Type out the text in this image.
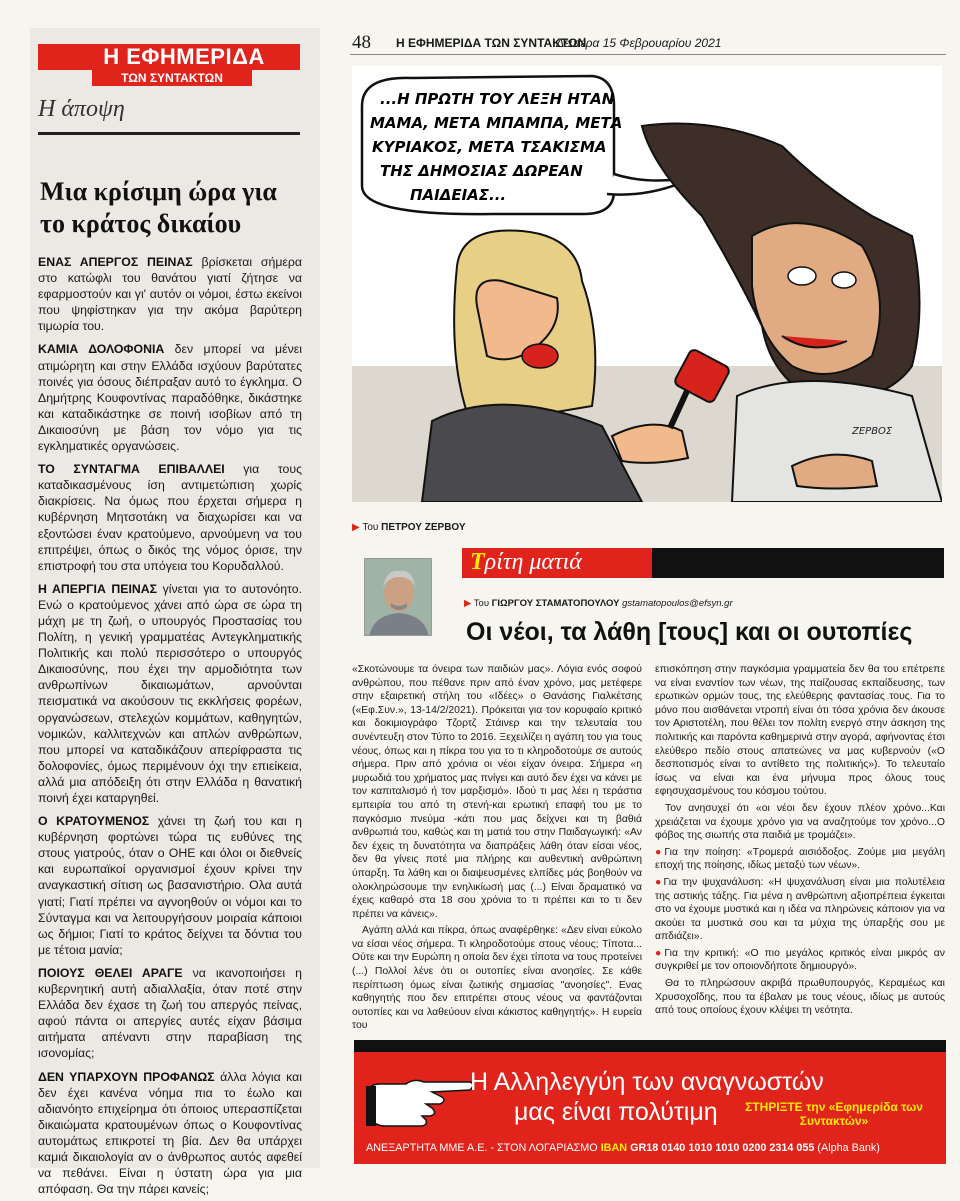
Η ΕΦΗΜΕΡΙΔΑ
ΤΩΝ ΣΥΝΤΑΚΤΩΝ
Η άποψη
Μια κρίσιμη ώρα για το κράτος δικαίου

ΕΝΑΣ ΑΠΕΡΓΟΣ ΠΕΙΝΑΣ βρίσκεται σήμερα στο κατώφλι του θανάτου γιατί ζήτησε να εφαρμοστούν και γι' αυτόν οι νόμοι, έστω εκείνοι που ψηφίστηκαν για την ακόμα βαρύτερη τιμωρία του.

ΚΑΜΙΑ ΔΟΛΟΦΟΝΙΑ δεν μπορεί να μένει ατιμώρητη και στην Ελλάδα ισχύουν βαρύτατες ποινές για όσους διέπραξαν αυτό το έγκλημα. Ο Δημήτρης Κουφοντίνας παραδόθηκε, δικάστηκε και καταδικάστηκε σε ποινή ισοβίων από τη Δικαιοσύνη με βάση τον νόμο για τις εγκληματικές οργανώσεις.

ΤΟ ΣΥΝΤΑΓΜΑ ΕΠΙΒΑΛΛΕΙ για τους καταδικασμένους ίση αντιμετώπιση χωρίς διακρίσεις. Να όμως που έρχεται σήμερα η κυβέρνηση Μητσοτάκη να διαχωρίσει και να εξοντώσει έναν κρατούμενο, αρνούμενη να του επιτρέψει, όπως ο δικός της νόμος όρισε, την επιστροφή του στα υπόγεια του Κορυδαλλού.

Η ΑΠΕΡΓΙΑ ΠΕΙΝΑΣ γίνεται για το αυτονόητο. Ενώ ο κρατούμενος χάνει από ώρα σε ώρα τη μάχη με τη ζωή, ο υπουργός Προστασίας του Πολίτη, η γενική γραμματέας Αντεγκληματικής Πολιτικής και πολύ περισσότερο ο υπουργός Δικαιοσύνης, που έχει την αρμοδιότητα των ανθρωπίνων δικαιωμάτων, αρνούνται πεισματικά να ακούσουν τις εκκλήσεις φορέων, οργανώσεων, στελεχών κομμάτων, καθηγητών, νομικών, καλλιτεχνών και απλών ανθρώπων, που μπορεί να καταδικάζουν απερίφραστα τις δολοφονίες, όμως περιμένουν όχι την επιείκεια, αλλά μια απόδειξη ότι στην Ελλάδα η θανατική ποινή έχει καταργηθεί.

Ο ΚΡΑΤΟΥΜΕΝΟΣ χάνει τη ζωή του και η κυβέρνηση φορτώνει τώρα τις ευθύνες της στους γιατρούς, όταν ο ΟΗΕ και όλοι οι διεθνείς και ευρωπαϊκοί οργανισμοί έχουν κρίνει την αναγκαστική σίτιση ως βασανιστήριο. Ολα αυτά γιατί; Γιατί πρέπει να αγνοηθούν οι νόμοι και το Σύνταγμα και να λειτουργήσουν μοιραία κάποιοι ως δήμιοι; Γιατί το κράτος δείχνει τα δόντια του με τέτοια μανία;

ΠΟΙΟΥΣ ΘΕΛΕΙ ΑΡΑΓΕ να ικανοποιήσει η κυβερνητική αυτή αδιαλλαξία, όταν ποτέ στην Ελλάδα δεν έχασε τη ζωή του απεργός πείνας, αφού πάντα οι απεργίες αυτές είχαν βάσιμα αιτήματα απέναντι στην παραβίαση της ισονομίας;

ΔΕΝ ΥΠΑΡΧΟΥΝ ΠΡΟΦΑΝΩΣ άλλα λόγια και δεν έχει κανένα νόημα πια το έωλο και αδιανόητο επιχείρημα ότι όποιος υπερασπίζεται δικαιώματα κρατουμένων όπως ο Κουφοντίνας αυτομάτως επικροτεί τη βία. Δεν θα υπάρχει καμιά δικαιολογία αν ο άνθρωπος αυτός αφεθεί να πεθάνει. Είναι η ύστατη ώρα για μια απόφαση. Θα την πάρει κανείς;

48 Η ΕΦΗΜΕΡΙΔΑ ΤΩΝ ΣΥΝΤΑΚΤΩΝ
Δευτέρα 15 Φεβρουαρίου 2021
...Η ΠΡΩΤΗ ΤΟΥ ΛΕΞΗ ΗΤΑΝ
ΜΑΜΑ, ΜΕΤΑ ΜΠΑΜΠΑ, ΜΕΤΑ
ΚΥΡΙΑΚΟΣ, ΜΕΤΑ ΤΣΑΚΙΣΜΑ
ΤΗΣ ΔΗΜΟΣΙΑΣ ΔΩΡΕΑΝ
ΠΑΙΔΕΙΑΣ...
ΖΕΡΒΟΣ
▶ Του ΠΕΤΡΟΥ ΖΕΡΒΟΥ
Τρίτη ματιά
▶ Του ΓΙΩΡΓΟΥ ΣΤΑΜΑΤΟΠΟΥΛΟΥ gstamatopoulos@efsyn.gr
Οι νέοι, τα λάθη [τους] και οι ουτοπίες

«Σκοτώνουμε τα όνειρα των παιδιών μας». Λόγια ενός σοφού ανθρώπου, που πέθανε πριν από έναν χρόνο, μας μετέφερε στην εξαιρετική στήλη του «Ιδέες» ο Θανάσης Γιαλκέτσης («Εφ.Συν.», 13-14/2/2021). Πρόκειται για τον κορυφαίο κριτικό και δοκιμιογράφο Τζορτζ Στάινερ και την τελευταία του συνέντευξη στον Τύπο το 2016. Ξεχειλίζει η αγάπη του για τους νέους, όπως και η πίκρα του για το τι κληροδοτούμε σε αυτούς σήμερα. Πριν από χρόνια οι νέοι είχαν όνειρα. Σήμερα «η μυρωδιά του χρήματος μας πνίγει και αυτό δεν έχει να κάνει με τον καπιταλισμό ή τον μαρξισμό». Ιδού τι μας λέει η τεράστια εμπειρία του από τη στενή-και ερωτική επαφή του με το παγκόσμιο πνεύμα -κάτι που μας δείχνει και τη βαθιά ανθρωπιά του, καθώς και τη ματιά του στην Παιδαγωγική: «Αν δεν έχεις τη δυνατότητα να διαπράξεις λάθη όταν είσαι νέος, δεν θα γίνεις ποτέ μια πλήρης και αυθεντική ανθρώπινη ύπαρξη. Τα λάθη και οι διαψευσμένες ελπίδες μάς βοηθούν να ολοκληρώσουμε την ενηλικίωσή μας (...) Είναι δραματικό να έχεις καθαρό στα 18 σου χρόνια το τι πρέπει και το τι δεν πρέπει να κάνεις».

Αγάπη αλλά και πίκρα, όπως αναφέρθηκε: «Δεν είναι εύκολο να είσαι νέος σήμερα. Τι κληροδοτούμε στους νέους; Τίποτα... Ούτε και την Ευρώπη η οποία δεν έχει τίποτα να τους προτείνει (...) Πολλοί λένε ότι οι ουτοπίες είναι ανοησίες. Σε κάθε περίπτωση όμως είναι ζωτικής σημασίας "ανοησίες". Ενας καθηγητής που δεν επιτρέπει στους νέους να φαντάζονται ουτοπίες και να λαθεύουν είναι κάκιστος καθηγητής». Η ευρεία του

επισκόπηση στην παγκόσμια γραμματεία δεν θα του επέτρεπε να είναι εναντίον των νέων, της παίζουσας εκπαίδευσης, των ερωτικών ορμών τους, της ελεύθερης φαντασίας τους. Για το μόνο που αισθάνεται ντροπή είναι ότι τόσα χρόνια δεν άκουσε τον Αριστοτέλη, που θέλει τον πολίτη ενεργό στην άσκηση της πολιτικής και παρόντα καθημερινά στην αγορά, αφήνοντας έτσι ελεύθερο πεδίο στους απατεώνες να μας κυβερνούν («Ο δεσποτισμός είναι το αντίθετο της πολιτικής»). Το τελευταίο ίσως να είναι και ένα μήνυμα προς όλους τους εφησυχασμένους του κόσμου τούτου.

Τον ανησυχεί ότι «οι νέοι δεν έχουν πλέον χρόνο...Και χρειάζεται να έχουμε χρόνο για να αναζητούμε τον χρόνο...Ο φόβος της σιωπής στα παιδιά με τρομάζει».

●Για την ποίηση: «Τρομερά αισιόδοξος. Ζούμε μια μεγάλη εποχή της ποίησης, ιδίως μεταξύ των νέων».

●Για την ψυχανάλυση: «Η ψυχανάλυση είναι μια πολυτέλεια της αστικής τάξης. Για μένα η ανθρώπινη αξιοπρέπεια έγκειται στο να έχουμε μυστικά και η ιδέα να πληρώνεις κάποιον για να ακούει τα μυστικά σου και τα μύχια της ύπαρξής σου με απδιάζει».

●Για την κριτική: «Ο πιο μεγάλος κριτικός είναι μικρός αν συγκριθεί με τον οποιονδήποτε δημιουργό».

Θα το πληρώσουν ακριβά πρωθυπουργός, Κεραμέως και Χρυσοχοΐδης, που τα έβαλαν με τους νέους, ιδίως με αυτούς από τους οποίους έχουν κλέψει τη νεότητα.

Η Αλληλεγγύη των αναγνωστών
μας είναι πολύτιμη	ΣΤΗΡΙΞΤΕ την «Εφημερίδα των Συντακτών»
ΑΝΕΞΑΡΤΗΤΑ ΜΜΕ Α.Ε. - ΣΤΟΝ ΛΟΓΑΡΙΑΣΜΟ IBAN GR18 0140 1010 1010 0200 2314 055 (Alpha Bank)
